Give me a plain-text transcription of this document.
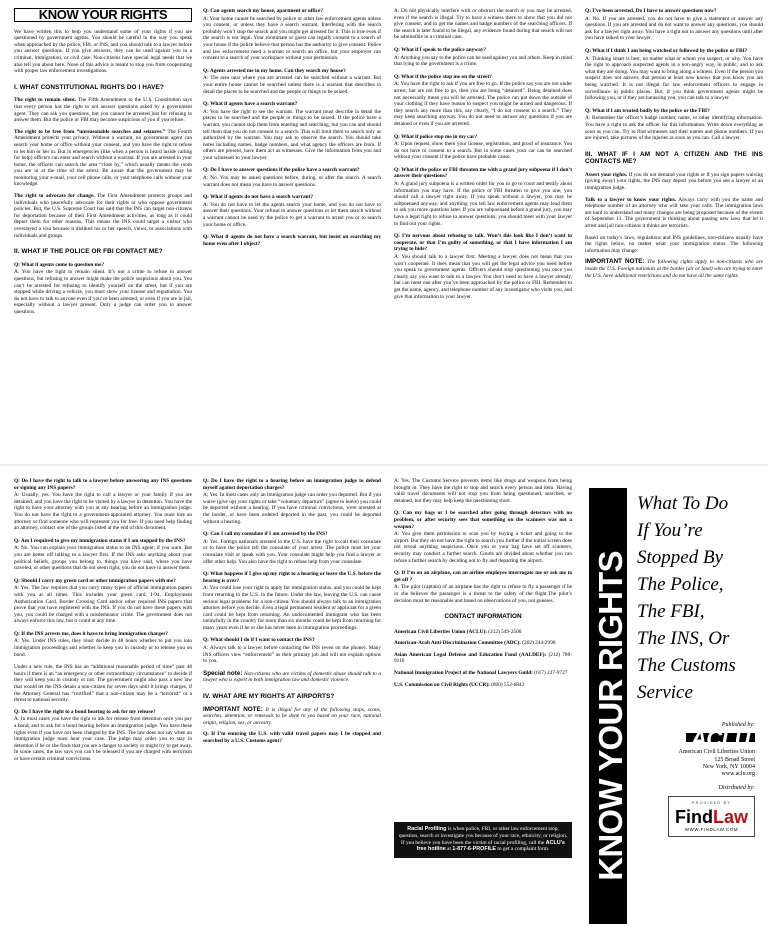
KNOW YOUR RIGHTS

We have written this to help you understand some of your rights if you are questioned by government agents. You should be careful in the way you speak when approached by the police, FBI, or INS, and you should talk to a lawyer before you answer questions. If you give answers, they can be used against you in a criminal, immigration, or civil case. Non-citizens have special legal needs that we also tell you about here. None of this advice is meant to stop you from cooperating with proper law enforcement investigations.

I. WHAT CONSTITUTIONAL RIGHTS DO I HAVE?

The right to remain silent. The Fifth Amendment to the U.S. Constitution says that every person has the right to not answer questions asked by a government agent. They can ask you questions, but you cannot be arrested just for refusing to answer them. But the police or FBI may become suspicious of you if you refuse.

The right to be free from “unreasonable searches and seizures.” The Fourth Amendment protects your privacy. Without a warrant, no government agent can search your home or office without your consent, and you have the right to refuse to let him or her in. But in emergencies (like when a person is heard inside calling for help) officers can enter and search without a warrant. If you are arrested in your home, the officers can search the area “close by,” which usually means the room you are in at the time of the arrest. Be aware that the government may be monitoring your e-mail, your cell phone calls, or your telephone calls without your knowledge.

The right to advocate for change. The First Amendment protects groups and individuals who peacefully advocate for their rights or who oppose government policies. But, the U.S. Supreme Court has said that the INS can target non-citizens for deportation because of their First Amendment activities, as long as it could deport them for other reasons. This means the INS could target a visitor who overstayed a visa because it disliked his or her speech, views, or associations with individuals and groups.

II. WHAT IF THE POLICE OR FBI CONTACT ME?

Q: What if agents come to question me?

A: You have the right to remain silent. It’s not a crime to refuse to answer questions, but refusing to answer might make the police suspicious about you. You can’t be arrested for refusing to identify yourself on the street, but if you are stopped while driving a vehicle, you must show your license and registration. You do not have to talk to anyone even if you’ve been arrested, or even if you are in jail, especially without a lawyer present. Only a judge can order you to answer questions.

Q: Can agents search my house, apartment or office?

A: Your home cannot be searched by police or other law enforcement agents unless you consent, or unless they have a search warrant. Interfering with the search probably won’t stop the search and you might get arrested for it. This is true even if the search is not legal. Your roommate or guest can legally consent to a search of your house if the police believe that person has the authority to give consent. Police and law enforcement need a warrant to search an office, but your employer can consent to a search of your workspace without your permission.

Q: Agents arrested me in my home. Can they search my house?

A: The area near where you are arrested can be searched without a warrant. But your entire house cannot be searched unless there is a warrant that describes in detail the places to be searched and the people or things to be seized.

Q: What if agents have a search warrant?

A: You have the right to see the warrant. The warrant must describe in detail the places to be searched and the people or things to be seized. If the police have a warrant, you cannot stop them from entering and searching, but you can and should tell them that you do not consent to a search. This will limit them to search only as authorized by the warrant. You may ask to observe the search. You should take notes including names, badge numbers, and what agency the officers are from. If others are present, have them act as witnesses. Give the information from you and your witnesses to your lawyer.

Q: Do I have to answer questions if the police have a search warrant?

A: No. You may be asked questions before, during, or after the search. A search warrant does not mean you have to answer questions.

Q: What if agents do not have a search warrant?

A: You do not have to let the agents search your home, and you do not have to answer their questions. Your refusal to answer questions or let them search without a warrant cannot be used by the police to get a warrant to arrest you or to search your home or office.

Q: What if agents do not have a search warrant, but insist on searching my home even after I object?

A: Do not physically interfere with or obstruct the search or you may be arrested, even if the search is illegal. Try to have a witness there to show that you did not give consent, and to get the names and badge numbers of the searching officers. If the search is later found to be illegal, any evidence found during that search will not be admissible in a criminal case.

Q: What if I speak to the police anyway?

A: Anything you say to the police can be used against you and others. Keep in mind that lying to the government is a crime.

Q: What if the police stop me on the street?

A: You have the right to ask if you are free to go. If the police say you are not under arrest, but are not free to go, then you are being “detained”. Being detained does not necessarily mean you will be arrested. The police can pat down the outside of your clothing if they have reason to suspect you might be armed and dangerous. If they search any more than this, say clearly, “I do not consent to a search.” They may keep searching anyway. You do not need to answer any questions if you are detained or even if you are arrested.

Q: What if police stop me in my car?

A: Upon request, show them your license, registration, and proof of insurance. You do not have to consent to a search. But in some cases your car can be searched without your consent if the police have probable cause.

Q: What if the police or FBI threaten me with a grand jury subpoena if I don’t answer their questions?

A: A grand jury subpoena is a written order for you to go to court and testify about information you may have. If the police or FBI threaten to give you one, you should call a lawyer right away. If you speak without a lawyer, you may be subpoenaed anyway, and anything you tell law enforcement agents may lead them to ask you more questions later. If you are subpoenaed before a grand jury, you may have a legal right to refuse to answer questions; you should meet with your lawyer to find out your rights.

Q: I’m nervous about refusing to talk. Won’t this look like I don’t want to cooperate, or that I’m guilty of something, or that I have information I am trying to hide?

A: You should talk to a lawyer first. Meeting a lawyer does not mean that you won’t cooperate. It does mean that you will get the legal advice you need before you speak to government agents. Officers should stop questioning you once you clearly say you want to talk to a lawyer. You don’t need to have a lawyer already, but can meet one after you’ve been approached by the police or FBI. Remember to get the name, agency, and telephone number of any investigator who visits you, and give that information to your lawyer.

Q: I’ve been arrested. Do I have to answer questions now?

A: No. If you are arrested, you do not have to give a statement or answer any questions. If you are arrested and do not want to answer any questions, you should ask for a lawyer right away. You have a right not to answer any questions until after you have talked to your lawyer.

Q: What if I think I am being watched or followed by the police or FBI?

A: Thinking smart is best, no matter what or whom you suspect, or why. You have the right to approach suspected agents in a non-angry way, in public, and to ask what they are doing. You may want to bring along a witness. Even if the person you suspect does not answer, that person at least now knows that you know you are being watched. It is not illegal for law enforcement officers to engage in surveillance in public places. But, if you think government agents might be following you, or if they are harassing you, you can talk to a lawyer.

Q: What if I am treated badly by the police or the FBI?

A: Remember the officer’s badge number, name, or other identifying information. You have a right to ask the officer for this information. Write down everything as soon as you can. Try to find witnesses and their names and phone numbers. If you are injured, take pictures of the injuries as soon as you can. Call a lawyer.

III. WHAT IF I AM NOT A CITIZEN AND THE INS CONTACTS ME?

Assert your rights. If you do not demand your rights or if you sign papers waiving (giving away) your rights, the INS may deport you before you see a lawyer or an immigration judge.

Talk to a lawyer to know your rights. Always carry with you the name and telephone number of an attorney who will take your calls. The immigration laws are hard to understand and many changes are being proposed because of the events of September 11. The government is thinking about passing new laws that let it arrest and jail non-citizens it thinks are terrorists.

Based on today’s laws, regulations and INS guidelines, non-citizens usually have the rights below, no matter what your immigration status. The following information may change:

IMPORTANT NOTE: The following rights apply to non-citizens who are inside the U.S. Foreign nationals at the border (air or land) who are trying to enter the U.S. have additional restrictions and do not have all the same rights.

Q: Do I have the right to talk to a lawyer before answering any INS questions or signing any INS papers?

A: Usually, yes. You have the right to call a lawyer or your family if you are detained, and you have the right to be visited by a lawyer in detention. You have the right to have your attorney with you at any hearing before an immigration judge. You do not have the right to a government-appointed attorney. You must hire an attorney or find someone who will represent you for free. If you need help finding an attorney, contact one of the groups listed at the end of this document.

Q: Am I required to give my immigration status if I am stopped by the INS?

A: No. You can explain your immigration status to an INS agent, if you want. But you are better off talking to a lawyer first. If the INS asks anything about your political beliefs, groups you belong to, things you have said, where you have traveled, or other questions that do not seem right, you do not have to answer them.

Q: Should I carry my green card or other immigration papers with me?

A: Yes. The law requires that you carry many types of official immigration papers with you at all times. This includes your green card, I-94, Employment Authorization Card, Border Crossing Card and/or other required INS papers that prove that you have registered with the INS. If you do not have these papers with you, you could be charged with a misdemeanor crime. The government does not always enforce this law, but it could at any time.

Q: If the INS arrests me, does it have to bring immigration charges?

A: Yes. Under INS rules, they must decide in 48 hours whether to put you into immigration proceedings and whether to keep you in custody or to release you on bond.

Under a new rule, the INS has an “additional reasonable period of time” past 48 hours if there is an “an emergency or other extraordinary circumstance” to decide if they will keep you in custody or not. The government might also pass a new law that would let the INS detain a non-citizen for seven days until it brings charges, if the Attorney General has “certified” that a non-citizen may be a “terrorist” or a threat to national security.

Q: Do I have the right to a bond hearing to ask for my release?

A: In most cases you have the right to ask for release from detention once you pay a bond, and to ask for a bond hearing before an immigration judge. You have these rights even if you have not been charged by the INS. The law does not say when an immigration judge must hear your case. The judge may order you to stay in detention if he or she finds that you are a danger to society or might try to get away. In some cases, the law says you can’t be released if you are charged with terrorism or have certain criminal convictions.

Q: Do I have the right to a hearing before an immigration judge to defend myself against deportation charges?

A: Yes. In most cases only an immigration judge can order you deported. But if you waive (give up) your rights or take “voluntary departure” (agree to leave) you could be deported without a hearing. If you have criminal convictions, were arrested at the border, or have been ordered deported in the past, you could be deported without a hearing.

Q: Can I call my consulate if I am arrested by the INS?

A: Yes. Foreign nationals arrested in the U.S. have the right to call their consulate or to have the police tell the consulate of your arrest. The police must let your consulate visit or speak with you. Your consulate might help you find a lawyer or offer other help. You also have the right to refuse help from your consulate.

Q: What happens if I give up my right to a hearing or leave the U.S. before the hearing is over?

A: You could lose your right to apply for immigration status, and you could be kept from returning to the U.S. in the future. Under the law, leaving the U.S. can cause serious legal problems for a non-citizen. You should always talk to an immigration attorney before you decide. Even a legal permanent resident or applicant for a green card could be kept from returning. An undocumented immigrant who has been unlawfully in the country for more than six months could be kept from returning for many years even if he or she has never been in immigration proceedings.

Q: What should I do if I want to contact the INS?

A: Always talk to a lawyer before contacting the INS (even on the phone). Many INS officers view “enforcement” as their primary job and will not explain options to you.

Special note: Non-citizens who are victims of domestic abuse should talk to a lawyer who is expert in both immigration law and domestic violence.

IV. WHAT ARE MY RIGHTS AT AIRPORTS?

IMPORTANT NOTE: It is illegal for any of the following stops, scans, searches, detention, or removals to be done to you based on your race, national origin, religion, sex, or ancestry.

Q: If I’m entering the U.S. with valid travel papers may I be stopped and searched by a U.S. Customs agent?

A: Yes. The Customs Service prevents items like drugs and weapons from being brought in. They have the right to stop and search every person and item. Having valid travel documents will not stop you from being questioned, searched, or detained, but they may help keep the questioning short.

Q: Can my bags or I be searched after going through detectors with no problem, or after security sees that something on the scanners was not a weapon?

A: You give them permission to scan you by buying a ticket and going to the airport. But they do not have the right to search you further if the initial screen does not reveal anything suspicious. Once you or your bag have set off scanners, security may conduct a further search. Courts are divided about whether you can refuse a further search by deciding not to fly and departing the airport.

Q: If I’m on an airplane, can an airline employee interrogate me or ask me to get off ?

A: The pilot (captain) of an airplane has the right to refuse to fly a passenger if he or she believes the passenger is a threat to the safety of the flight.The pilot’s decision must be reasonable and based on observations of you, not guesses.

CONTACT INFORMATION

American Civil Liberties Union (ACLU): (212) 549-2500

American-Arab Anti-Discrimination Committee (ADC): (202) 244-2990

Asian American Legal Defense and Education Fund (AALDEF): (212) 780-9110

National Immigration Project of the National Lawyers Guild: (617) 227-9727

U.S. Commission on Civil Rights (UCCR): (800) 552-6843

Racial Profiling is when police, FBI, or other law enforcement stop, question, search or investigate you because of your race, ethnicity, or religion. If you believe you have been the victim of racial profiling, call the ACLU’s free hotline at 1-877-6-PROFILE to get a complaint form.	KNOW YOUR RIGHTS
What To Do
If You’re
Stopped By
The Police,
The FBI,
The INS, Or
The Customs
Service
Published by:
ACLU
American Civil Liberties Union
125 Broad Street
New York, NY 10004
www.aclu.org
Distributed by:
PROVIDED BY
FindLaw
WWW.FINDLAW.COM
